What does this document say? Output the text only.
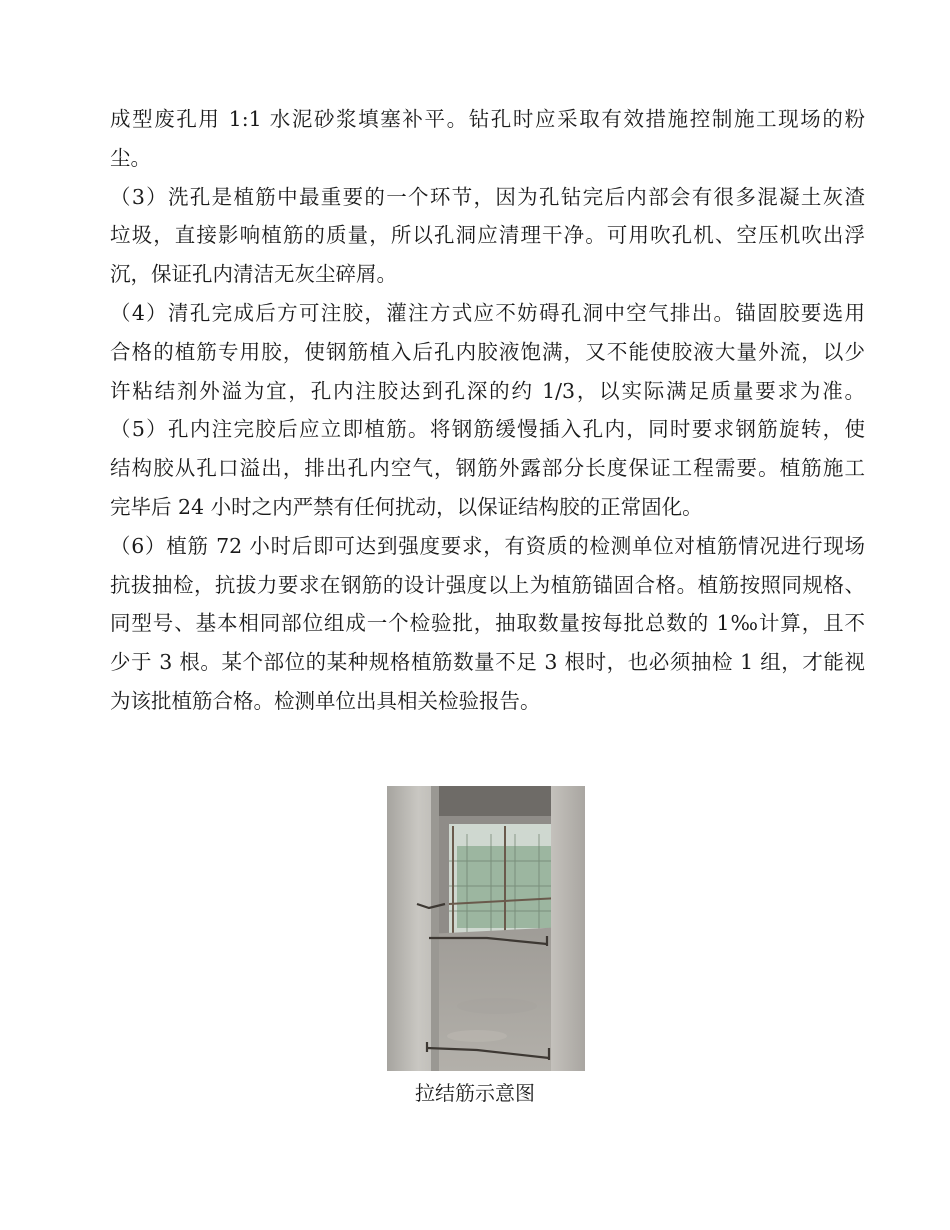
成型废孔用 1:1 水泥砂浆填塞补平。钻孔时应采取有效措施控制施工现场的粉
尘。
（3）洗孔是植筋中最重要的一个环节，因为孔钻完后内部会有很多混凝土灰渣
垃圾，直接影响植筋的质量，所以孔洞应清理干净。可用吹孔机、空压机吹出浮
沉，保证孔内清洁无灰尘碎屑。
（4）清孔完成后方可注胶，灌注方式应不妨碍孔洞中空气排出。锚固胶要选用
合格的植筋专用胶，使钢筋植入后孔内胶液饱满，又不能使胶液大量外流，以少
许粘结剂外溢为宜，孔内注胶达到孔深的约 1/3，以实际满足质量要求为准。
（5）孔内注完胶后应立即植筋。将钢筋缓慢插入孔内，同时要求钢筋旋转，使
结构胶从孔口溢出，排出孔内空气，钢筋外露部分长度保证工程需要。植筋施工
完毕后 24 小时之内严禁有任何扰动，以保证结构胶的正常固化。
（6）植筋 72 小时后即可达到强度要求，有资质的检测单位对植筋情况进行现场
抗拔抽检，抗拔力要求在钢筋的设计强度以上为植筋锚固合格。植筋按照同规格、
同型号、基本相同部位组成一个检验批，抽取数量按每批总数的 1‰计算，且不
少于 3 根。某个部位的某种规格植筋数量不足 3 根时，也必须抽检 1 组，才能视
为该批植筋合格。检测单位出具相关检验报告。
拉结筋示意图
